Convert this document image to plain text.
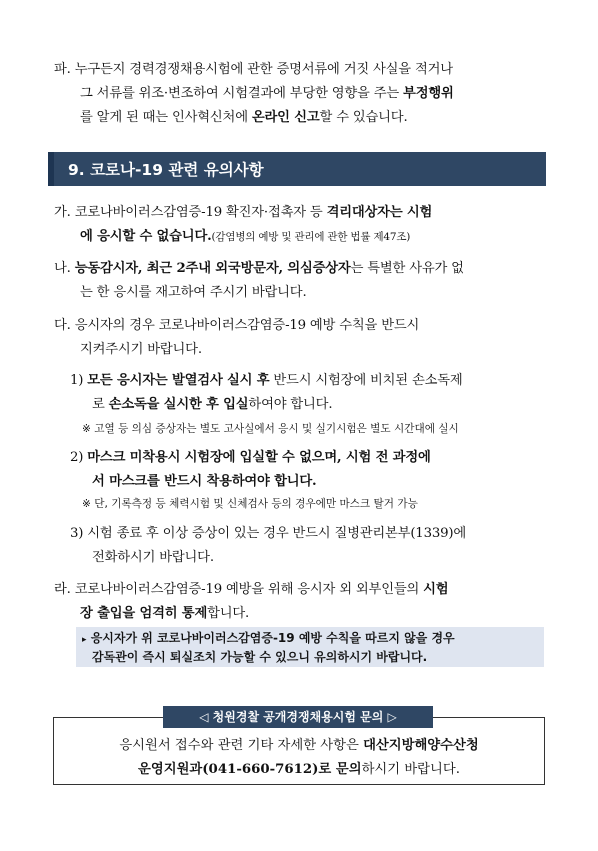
파. 누구든지 경력경쟁채용시험에 관한 증명서류에 거짓 사실을 적거나
그 서류를 위조·변조하여 시험결과에 부당한 영향을 주는 부정행위
를 알게 된 때는 인사혁신처에 온라인 신고할 수 있습니다.
9. 코로나-19 관련 유의사항
가. 코로나바이러스감염증-19 확진자·접촉자 등 격리대상자는 시험
에 응시할 수 없습니다.(감염병의 예방 및 관리에 관한 법률 제47조)
나. 능동감시자, 최근 2주내 외국방문자, 의심증상자는 특별한 사유가 없
는 한 응시를 재고하여 주시기 바랍니다.
다. 응시자의 경우 코로나바이러스감염증-19 예방 수칙을 반드시
지켜주시기 바랍니다.
1) 모든 응시자는 발열검사 실시 후 반드시 시험장에 비치된 손소독제
로 손소독을 실시한 후 입실하여야 합니다.
※ 고열 등 의심 증상자는 별도 고사실에서 응시 및 실기시험은 별도 시간대에 실시
2) 마스크 미착용시 시험장에 입실할 수 없으며, 시험 전 과정에
서 마스크를 반드시 착용하여야 합니다.
※ 단, 기록측정 등 체력시험 및 신체검사 등의 경우에만 마스크 탈거 가능
3) 시험 종료 후 이상 증상이 있는 경우 반드시 질병관리본부(1339)에
전화하시기 바랍니다.
라. 코로나바이러스감염증-19 예방을 위해 응시자 외 외부인들의 시험
장 출입을 엄격히 통제합니다.
▸ 응시자가 위 코로나바이러스감염증-19 예방 수칙을 따르지 않을 경우
감독관이 즉시 퇴실조치 가능할 수 있으니 유의하시기 바랍니다.
◁ 청원경찰 공개경쟁채용시험 문의 ▷
응시원서 접수와 관련 기타 자세한 사항은 대산지방해양수산청
운영지원과(041-660-7612)로 문의하시기 바랍니다.
